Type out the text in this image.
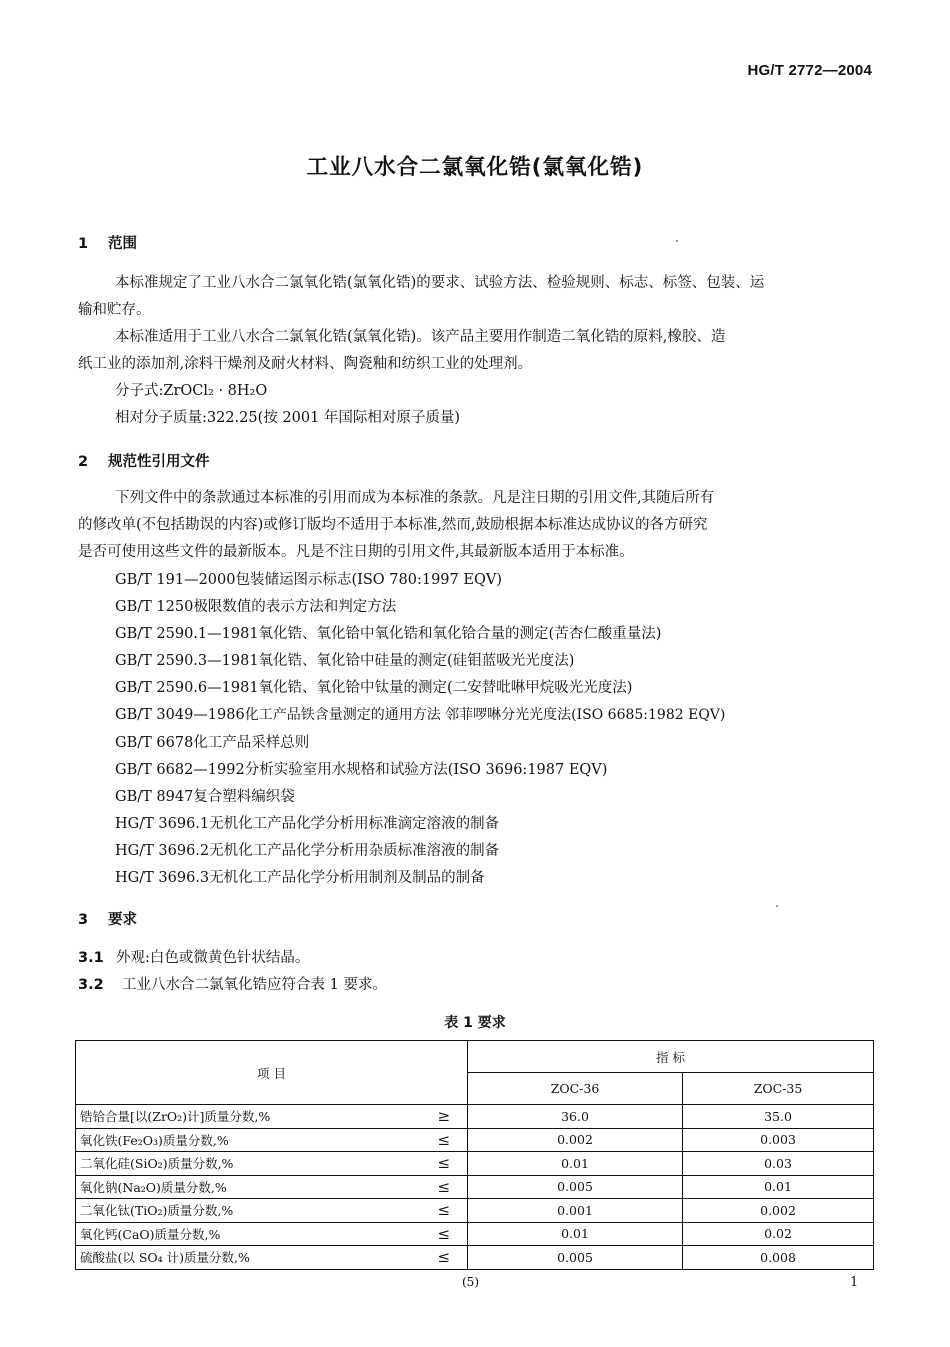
HG/T 2772—2004
工业八水合二氯氧化锆(氯氧化锆)
1 范围
本标准规定了工业八水合二氯氧化锆(氯氧化锆)的要求、试验方法、检验规则、标志、标签、包装、运
输和贮存。
本标准适用于工业八水合二氯氧化锆(氯氧化锆)。该产品主要用作制造二氧化锆的原料,橡胶、造
纸工业的添加剂,涂料干燥剂及耐火材料、陶瓷釉和纺织工业的处理剂。
分子式:ZrOCl₂ · 8H₂O
相对分子质量:322.25(按 2001 年国际相对原子质量)
2 规范性引用文件
下列文件中的条款通过本标准的引用而成为本标准的条款。凡是注日期的引用文件,其随后所有
的修改单(不包括勘误的内容)或修订版均不适用于本标准,然而,鼓励根据本标准达成协议的各方研究
是否可使用这些文件的最新版本。凡是不注日期的引用文件,其最新版本适用于本标准。
GB/T 191—2000包装储运图示标志(ISO 780:1997 EQV)
GB/T 1250极限数值的表示方法和判定方法
GB/T 2590.1—1981氧化锆、氧化铪中氧化锆和氧化铪合量的测定(苦杏仁酸重量法)
GB/T 2590.3—1981氧化锆、氧化铪中硅量的测定(硅钼蓝吸光光度法)
GB/T 2590.6—1981氧化锆、氧化铪中钛量的测定(二安替吡啉甲烷吸光光度法)
GB/T 3049—1986化工产品铁含量测定的通用方法 邻菲啰啉分光光度法(ISO 6685:1982 EQV)
GB/T 6678化工产品采样总则
GB/T 6682—1992分析实验室用水规格和试验方法(ISO 3696:1987 EQV)
GB/T 8947复合塑料编织袋
HG/T 3696.1无机化工产品化学分析用标准滴定溶液的制备
HG/T 3696.2无机化工产品化学分析用杂质标准溶液的制备
HG/T 3696.3无机化工产品化学分析用制剂及制品的制备
3 要求
3.1 外观:白色或微黄色针状结晶。
3.2 工业八水合二氯氧化锆应符合表 1 要求。
表 1 要求
项 目		指 标	
		ZOC-36	ZOC-35
锆铪合量[以(ZrO₂)计]质量分数,%	≥	36.0	35.0
氧化铁(Fe₂O₃)质量分数,%	≤	0.002	0.003
二氧化硅(SiO₂)质量分数,%	≤	0.01	0.03
氧化钠(Na₂O)质量分数,%	≤	0.005	0.01
二氧化钛(TiO₂)质量分数,%	≤	0.001	0.002
氧化钙(CaO)质量分数,%	≤	0.01	0.02
硫酸盐(以 SO₄ 计)质量分数,%	≤	0.005	0.008
(5)	1
